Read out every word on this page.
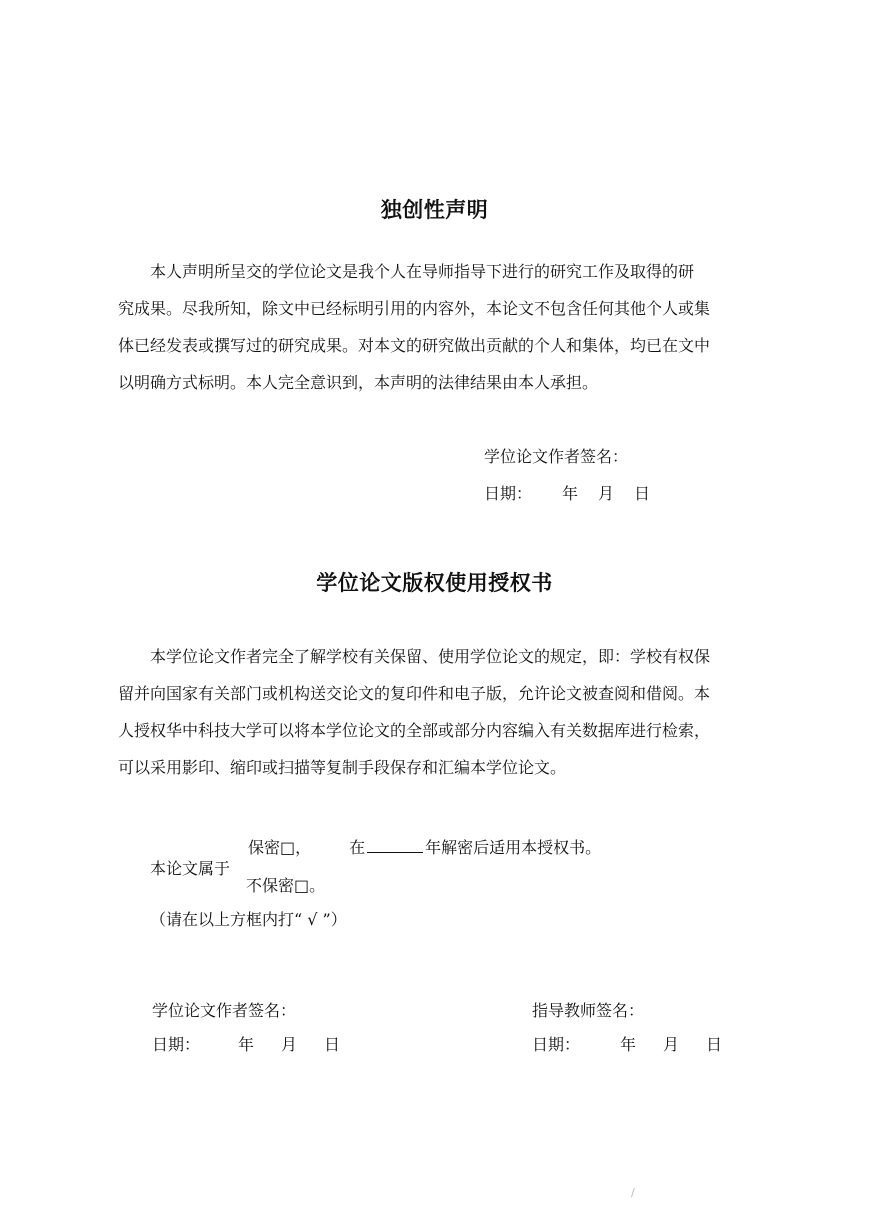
独创性声明
本人声明所呈交的学位论文是我个人在导师指导下进行的研究工作及取得的研
究成果。尽我所知，除文中已经标明引用的内容外，本论文不包含任何其他个人或集
体已经发表或撰写过的研究成果。对本文的研究做出贡献的个人和集体，均已在文中
以明确方式标明。本人完全意识到，本声明的法律结果由本人承担。
学位论文作者签名：
日期： 年 月 日
学位论文版权使用授权书
本学位论文作者完全了解学校有关保留、使用学位论文的规定，即：学校有权保
留并向国家有关部门或机构送交论文的复印件和电子版，允许论文被查阅和借阅。本
人授权华中科技大学可以将本学位论文的全部或部分内容编入有关数据库进行检索，
可以采用影印、缩印或扫描等复制手段保存和汇编本学位论文。
保密□， 在	年解密后适用本授权书。
本论文属于
不保密□。
（请在以上方框内打“ √ ”）
学位论文作者签名：
日期： 年 月 日
指导教师签名：
日期：	年 月 日
/
